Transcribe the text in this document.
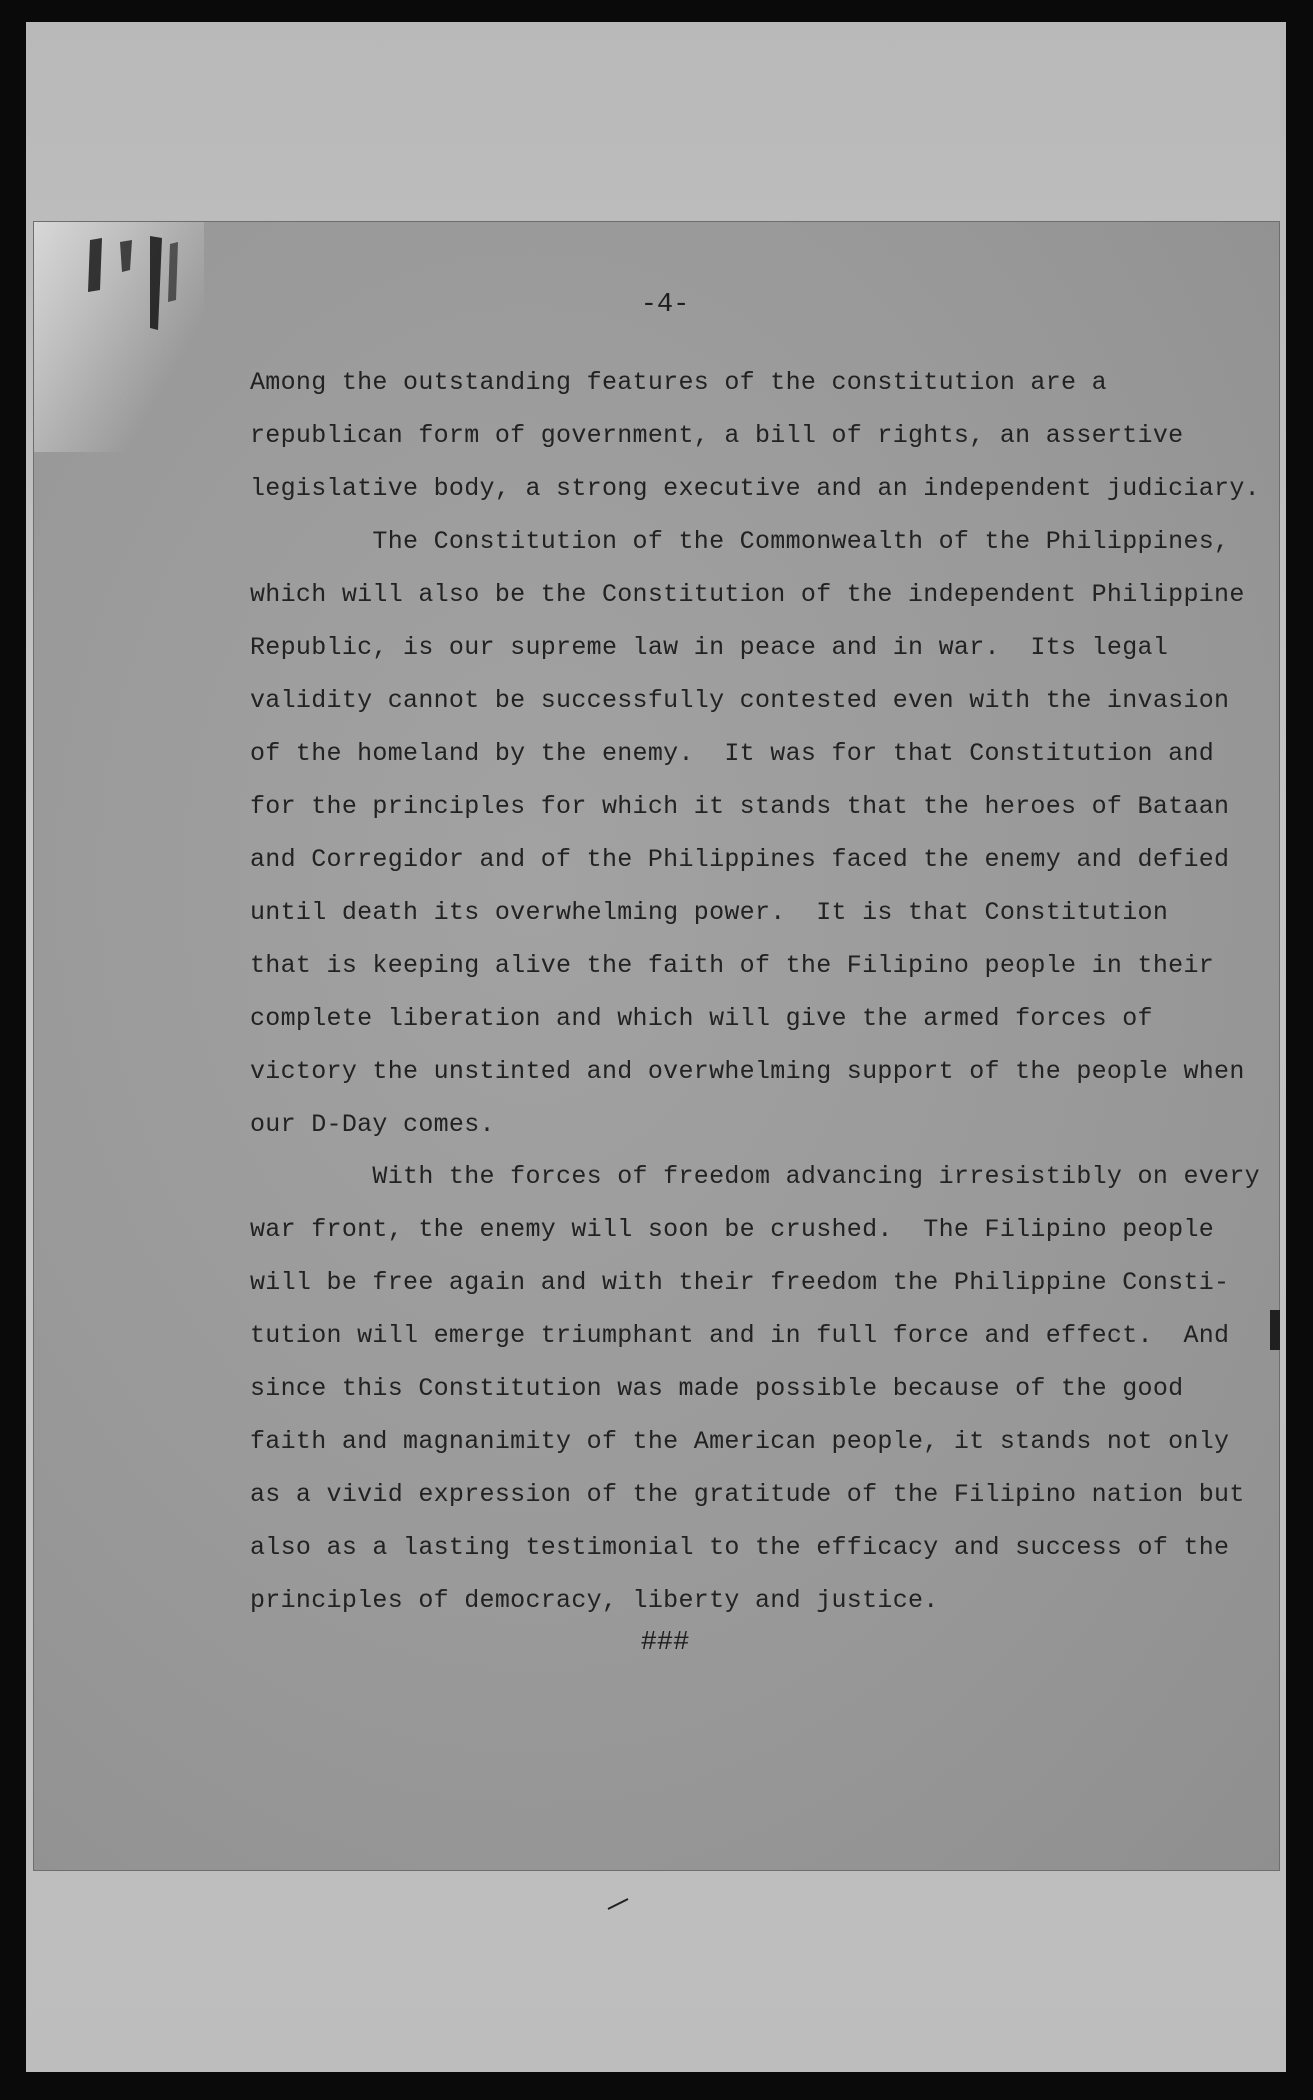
-4-
Among the outstanding features of the constitution are a
republican form of government, a bill of rights, an assertive
legislative body, a strong executive and an independent judiciary.
The Constitution of the Commonwealth of the Philippines,
which will also be the Constitution of the independent Philippine
Republic, is our supreme law in peace and in war.  Its legal
validity cannot be successfully contested even with the invasion
of the homeland by the enemy.  It was for that Constitution and
for the principles for which it stands that the heroes of Bataan
and Corregidor and of the Philippines faced the enemy and defied
until death its overwhelming power.  It is that Constitution
that is keeping alive the faith of the Filipino people in their
complete liberation and which will give the armed forces of
victory the unstinted and overwhelming support of the people when
our D-Day comes.
With the forces of freedom advancing irresistibly on every
war front, the enemy will soon be crushed.  The Filipino people
will be free again and with their freedom the Philippine Consti-
tution will emerge triumphant and in full force and effect.  And
since this Constitution was made possible because of the good
faith and magnanimity of the American people, it stands not only
as a vivid expression of the gratitude of the Filipino nation but
also as a lasting testimonial to the efficacy and success of the
principles of democracy, liberty and justice.
###
